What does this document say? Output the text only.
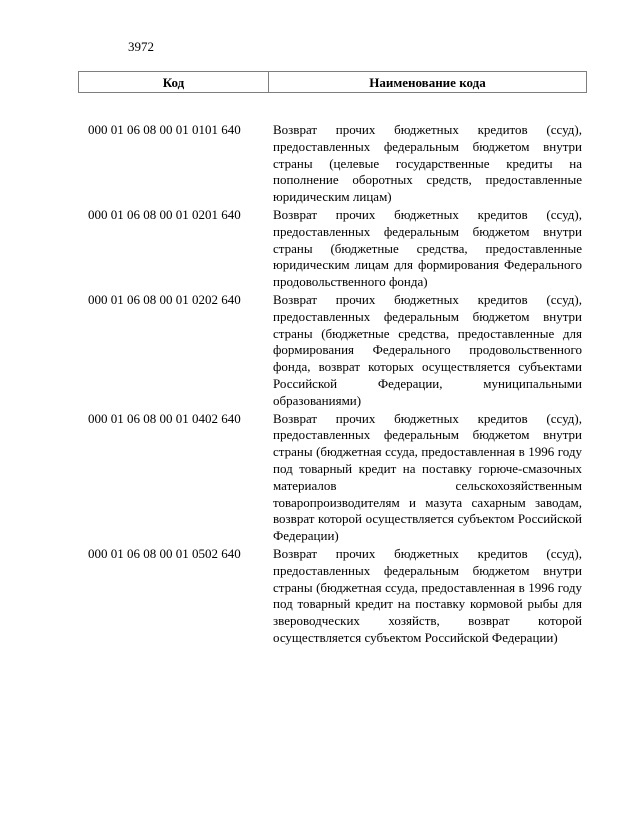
3972
Код	Наименование кода
000 01 06 08 00 01 0101 640	Возврат прочих бюджетных кредитов (ссуд), предоставленных федеральным бюджетом внутри страны (целевые государственные кредиты на пополнение оборотных средств, предоставленные юридическим лицам)
000 01 06 08 00 01 0201 640	Возврат прочих бюджетных кредитов (ссуд), предоставленных федеральным бюджетом внутри страны (бюджетные средства, предоставленные юридическим лицам для формирования Федерального продовольственного фонда)
000 01 06 08 00 01 0202 640	Возврат прочих бюджетных кредитов (ссуд), предоставленных федеральным бюджетом внутри страны (бюджетные средства, предоставленные для формирования Федерального продовольственного фонда, возврат которых осуществляется субъектами Российской Федерации, муниципальными образованиями)
000 01 06 08 00 01 0402 640	Возврат прочих бюджетных кредитов (ссуд), предоставленных федеральным бюджетом внутри страны (бюджетная ссуда, предоставленная в 1996 году под товарный кредит на поставку горюче-смазочных материалов сельскохозяйственным товаропроизводителям и мазута сахарным заводам, возврат которой осуществляется субъектом Российской Федерации)
000 01 06 08 00 01 0502 640	Возврат прочих бюджетных кредитов (ссуд), предоставленных федеральным бюджетом внутри страны (бюджетная ссуда, предоставленная в 1996 году под товарный кредит на поставку кормовой рыбы для звероводческих хозяйств, возврат которой осуществляется субъектом Российской Федерации)
